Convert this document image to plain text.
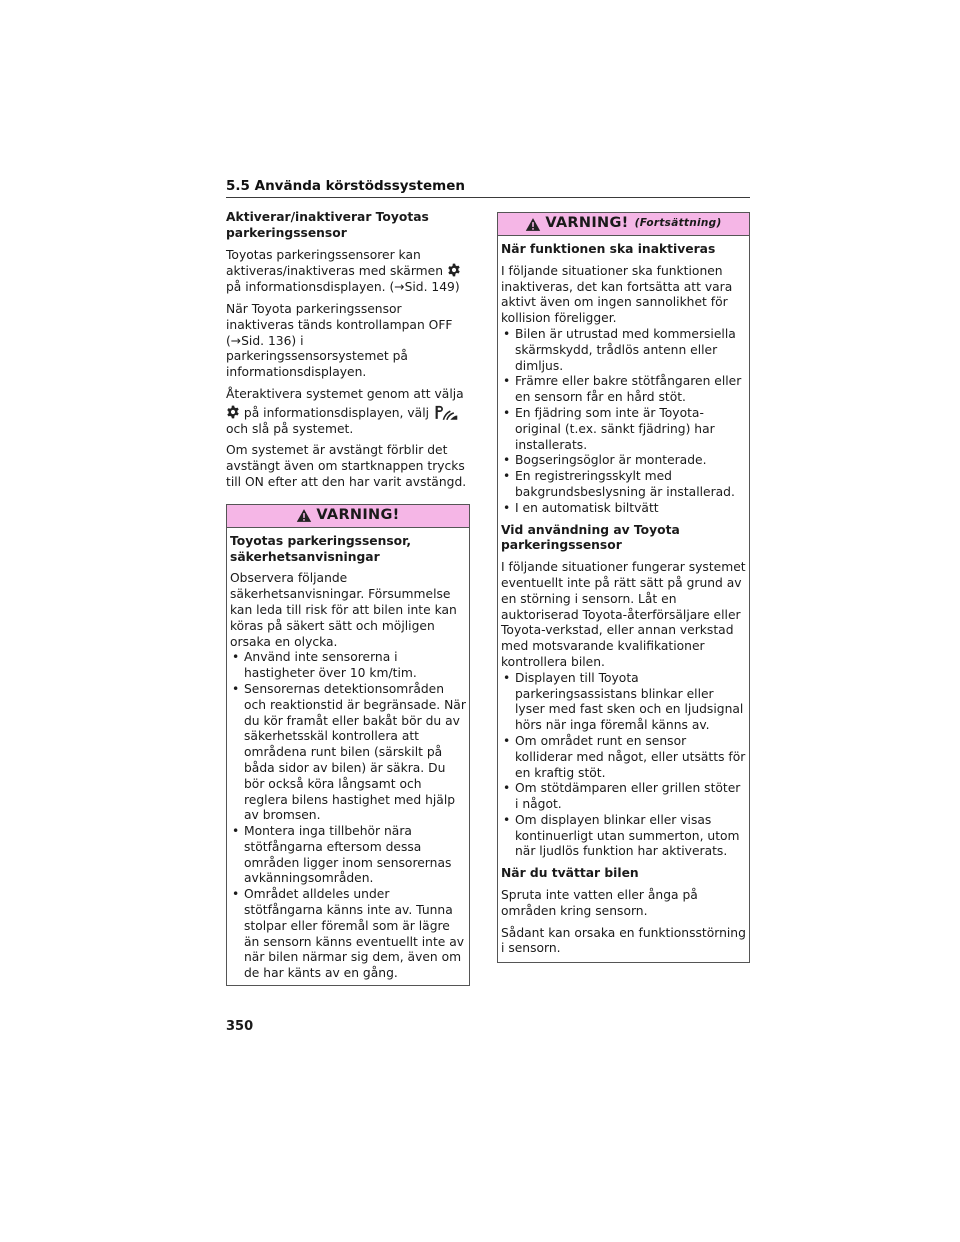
5.5 Använda körstödssystemen
Aktiverar/inaktiverar Toyotas parkeringssensor

Toyotas parkeringssensorer kan aktiveras/inaktiveras med skärmen  på informationsdisplayen. (→Sid. 149)

När Toyota parkeringssensor inaktiveras tänds kontrollampan OFF (→Sid. 136) i parkeringssensorsystemet på informationsdisplayen.

Återaktivera systemet genom att välja  på informationsdisplayen, välj  och slå på systemet.

Om systemet är avstängt förblir det avstängt även om startknappen trycks till ON efter att den har varit avstängd.

VARNING!
Toyotas parkeringssensor, säkerhetsanvisningar

Observera följande säkerhetsanvisningar. Försummelse kan leda till risk för att bilen inte kan köras på säkert sätt och möjligen orsaka en olycka.

• Använd inte sensorerna i hastigheter över 10 km/tim.
• Sensorernas detektionsområden och reaktionstid är begränsade. När du kör framåt eller bakåt bör du av säkerhetsskäl kontrollera att områdena runt bilen (särskilt på båda sidor av bilen) är säkra. Du bör också köra långsamt och reglera bilens hastighet med hjälp av bromsen.
• Montera inga tillbehör nära stötfångarna eftersom dessa områden ligger inom sensorernas avkänningsområden.
• Området alldeles under stötfångarna känns inte av. Tunna stolpar eller föremål som är lägre än sensorn känns eventuellt inte av när bilen närmar sig dem, även om de har känts av en gång.
VARNING! (Fortsättning)
När funktionen ska inaktiveras

I följande situationer ska funktionen inaktiveras, det kan fortsätta att vara aktivt även om ingen sannolikhet för kollision föreligger.

• Bilen är utrustad med kommersiella skärmskydd, trådlös antenn eller dimljus.
• Främre eller bakre stötfångaren eller en sensorn får en hård stöt.
• En fjädring som inte är Toyota-original (t.ex. sänkt fjädring) har installerats.
• Bogseringsöglor är monterade.
• En registreringsskylt med bakgrundsbeslysning är installerad.
• I en automatisk biltvätt
Vid användning av Toyota parkeringssensor

I följande situationer fungerar systemet eventuellt inte på rätt sätt på grund av en störning i sensorn. Låt en auktoriserad Toyota-återförsäljare eller Toyota-verkstad, eller annan verkstad med motsvarande kvalifikationer kontrollera bilen.

• Displayen till Toyota parkeringsassistans blinkar eller lyser med fast sken och en ljudsignal hörs när inga föremål känns av.
• Om området runt en sensor kolliderar med något, eller utsätts för en kraftig stöt.
• Om stötdämparen eller grillen stöter i något.
• Om displayen blinkar eller visas kontinuerligt utan summerton, utom när ljudlös funktion har aktiverats.
När du tvättar bilen

Spruta inte vatten eller ånga på områden kring sensorn.

Sådant kan orsaka en funktionsstörning i sensorn.

350
